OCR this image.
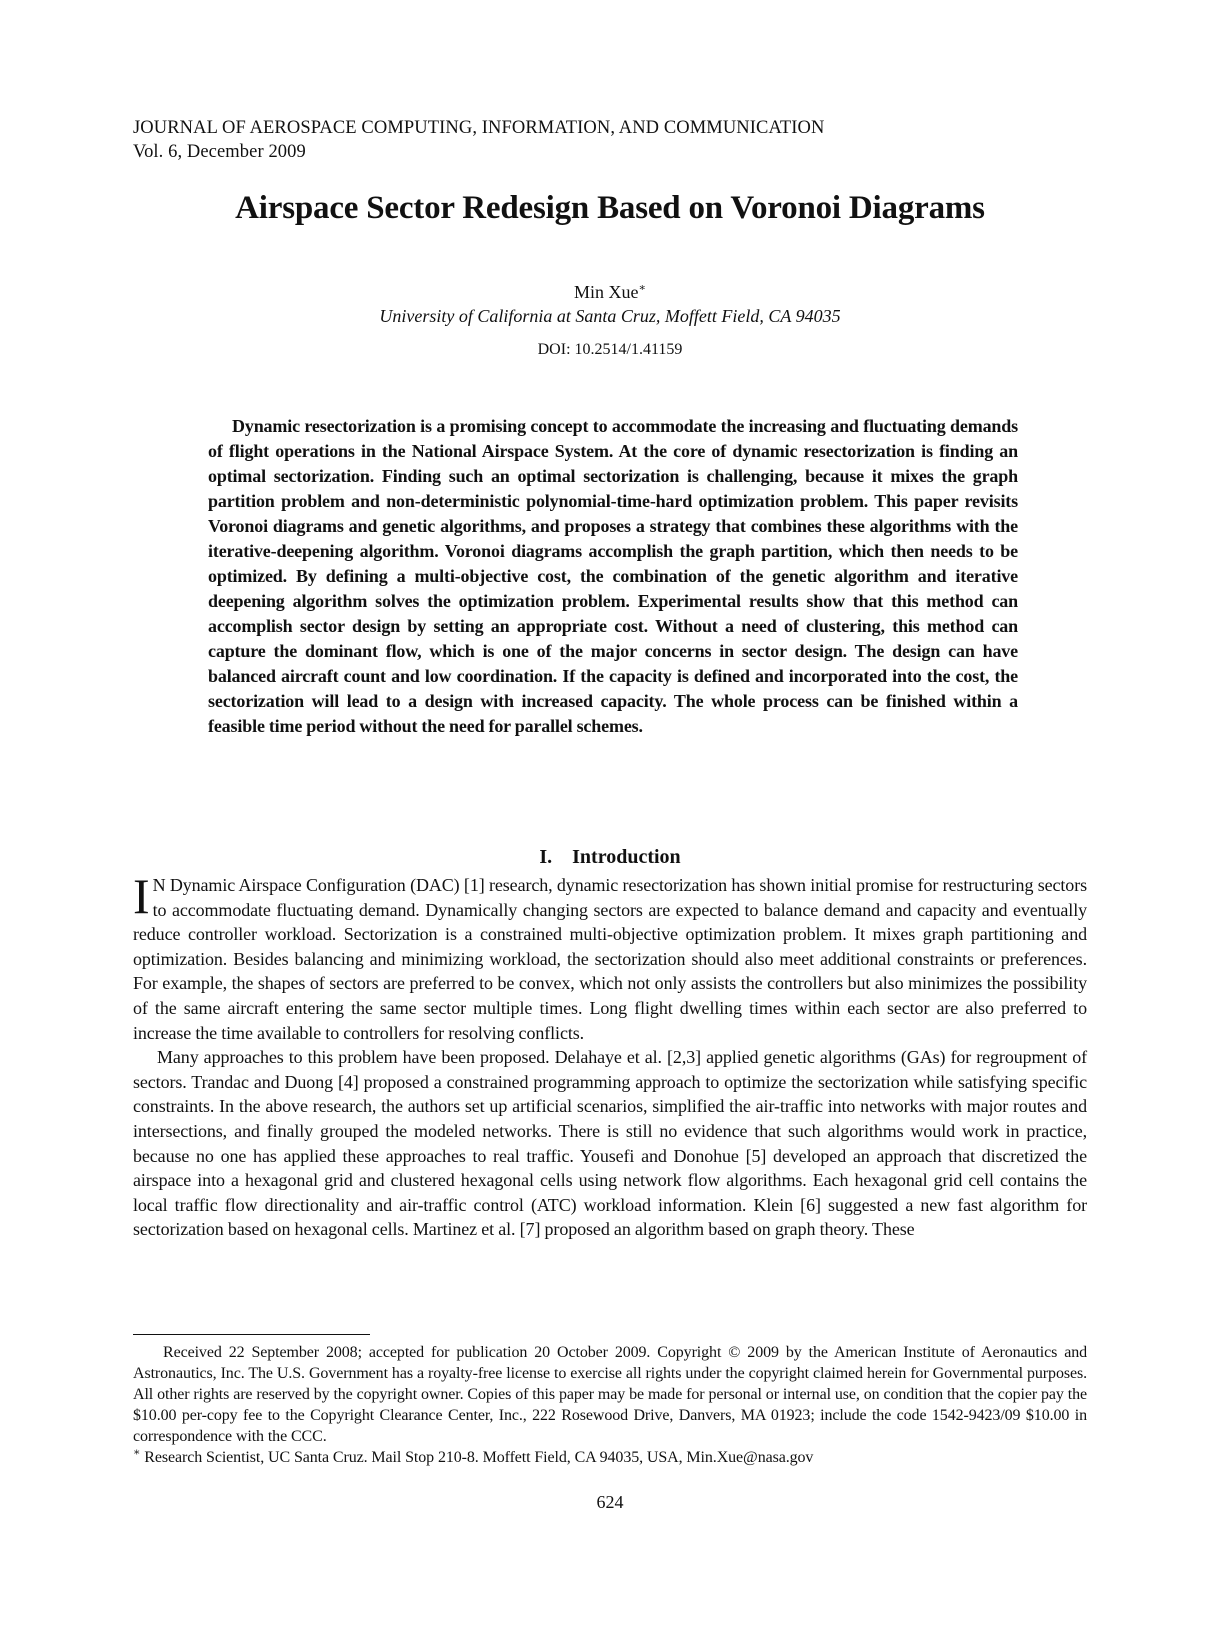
JOURNAL OF AEROSPACE COMPUTING, INFORMATION, AND COMMUNICATION
Vol. 6, December 2009
Airspace Sector Redesign Based on Voronoi Diagrams
Min Xue∗
University of California at Santa Cruz, Moffett Field, CA 94035
DOI: 10.2514/1.41159
Dynamic resectorization is a promising concept to accommodate the increasing and fluctuating demands of flight operations in the National Airspace System. At the core of dynamic resectorization is finding an optimal sectorization. Finding such an optimal sectorization is challenging, because it mixes the graph partition problem and non-deterministic polynomial-time-hard optimization problem. This paper revisits Voronoi diagrams and genetic algorithms, and proposes a strategy that combines these algorithms with the iterative-deepening algorithm. Voronoi diagrams accomplish the graph partition, which then needs to be optimized. By defining a multi-objective cost, the combination of the genetic algorithm and iterative deepening algorithm solves the optimization problem. Experimental results show that this method can accomplish sector design by setting an appropriate cost. Without a need of clustering, this method can capture the dominant flow, which is one of the major concerns in sector design. The design can have balanced aircraft count and low coordination. If the capacity is defined and incorporated into the cost, the sectorization will lead to a design with increased capacity. The whole process can be finished within a feasible time period without the need for parallel schemes.
I. Introduction

I N Dynamic Airspace Configuration (DAC) [1] research, dynamic resectorization has shown initial promise for restructuring sectors to accommodate fluctuating demand. Dynamically changing sectors are expected to balance demand and capacity and eventually reduce controller workload. Sectorization is a constrained multi-objective optimization problem. It mixes graph partitioning and optimization. Besides balancing and minimizing workload, the sectorization should also meet additional constraints or preferences. For example, the shapes of sectors are preferred to be convex, which not only assists the controllers but also minimizes the possibility of the same aircraft entering the same sector multiple times. Long flight dwelling times within each sector are also preferred to increase the time available to controllers for resolving conflicts.

Many approaches to this problem have been proposed. Delahaye et al. [2,3] applied genetic algorithms (GAs) for regroupment of sectors. Trandac and Duong [4] proposed a constrained programming approach to optimize the sectorization while satisfying specific constraints. In the above research, the authors set up artificial scenarios, simplified the air-traffic into networks with major routes and intersections, and finally grouped the modeled networks. There is still no evidence that such algorithms would work in practice, because no one has applied these approaches to real traffic. Yousefi and Donohue [5] developed an approach that discretized the airspace into a hexagonal grid and clustered hexagonal cells using network flow algorithms. Each hexagonal grid cell contains the local traffic flow directionality and air-traffic control (ATC) workload information. Klein [6] suggested a new fast algorithm for sectorization based on hexagonal cells. Martinez et al. [7] proposed an algorithm based on graph theory. These

Received 22 September 2008; accepted for publication 20 October 2009. Copyright © 2009 by the American Institute of Aeronautics and Astronautics, Inc. The U.S. Government has a royalty-free license to exercise all rights under the copyright claimed herein for Governmental purposes. All other rights are reserved by the copyright owner. Copies of this paper may be made for personal or internal use, on condition that the copier pay the $10.00 per-copy fee to the Copyright Clearance Center, Inc., 222 Rosewood Drive, Danvers, MA 01923; include the code 1542-9423/09 $10.00 in correspondence with the CCC.

∗ Research Scientist, UC Santa Cruz. Mail Stop 210-8. Moffett Field, CA 94035, USA, Min.Xue@nasa.gov

624
